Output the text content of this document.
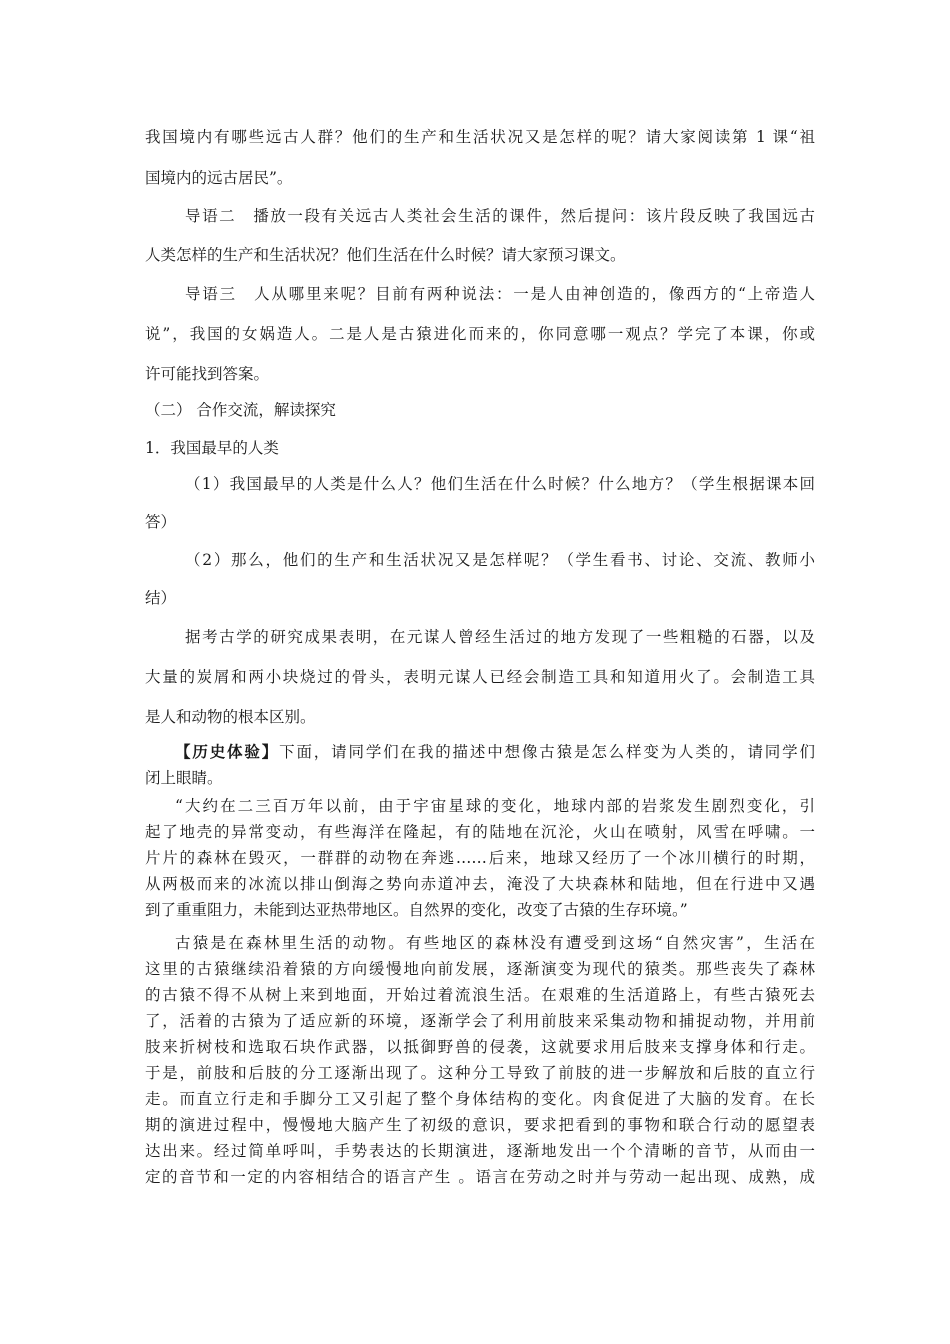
我国境内有哪些远古人群？他们的生产和生活状况又是怎样的呢？请大家阅读第 1 课“祖
国境内的远古居民”。
导语二　播放一段有关远古人类社会生活的课件，然后提问：该片段反映了我国远古
人类怎样的生产和生活状况？他们生活在什么时候？请大家预习课文。
导语三　人从哪里来呢？目前有两种说法：一是人由神创造的，像西方的“上帝造人
说”，我国的女娲造人。二是人是古猿进化而来的，你同意哪一观点？学完了本课，你或
许可能找到答案。
（二） 合作交流，解读探究
1．我国最早的人类
（1）我国最早的人类是什么人？他们生活在什么时候？什么地方？（学生根据课本回
答）
（2）那么，他们的生产和生活状况又是怎样呢？（学生看书、讨论、交流、教师小
结）
据考古学的研究成果表明，在元谋人曾经生活过的地方发现了一些粗糙的石器，以及
大量的炭屑和两小块烧过的骨头，表明元谋人已经会制造工具和知道用火了。会制造工具
是人和动物的根本区别。
【历史体验】下面，请同学们在我的描述中想像古猿是怎么样变为人类的，请同学们
闭上眼睛。
“大约在二三百万年以前，由于宇宙星球的变化，地球内部的岩浆发生剧烈变化，引
起了地壳的异常变动，有些海洋在隆起，有的陆地在沉沦，火山在喷射，风雪在呼啸。一
片片的森林在毁灭，一群群的动物在奔逃……后来，地球又经历了一个冰川横行的时期，
从两极而来的冰流以排山倒海之势向赤道冲去，淹没了大块森林和陆地，但在行进中又遇
到了重重阻力，未能到达亚热带地区。自然界的变化，改变了古猿的生存环境。”
古猿是在森林里生活的动物。有些地区的森林没有遭受到这场“自然灾害”，生活在
这里的古猿继续沿着猿的方向缓慢地向前发展，逐渐演变为现代的猿类。那些丧失了森林
的古猿不得不从树上来到地面，开始过着流浪生活。在艰难的生活道路上，有些古猿死去
了，活着的古猿为了适应新的环境，逐渐学会了利用前肢来采集动物和捕捉动物，并用前
肢来折树枝和选取石块作武器，以抵御野兽的侵袭，这就要求用后肢来支撑身体和行走。
于是，前肢和后肢的分工逐渐出现了。这种分工导致了前肢的进一步解放和后肢的直立行
走。而直立行走和手脚分工又引起了整个身体结构的变化。肉食促进了大脑的发育。在长
期的演进过程中，慢慢地大脑产生了初级的意识，要求把看到的事物和联合行动的愿望表
达出来。经过简单呼叫，手势表达的长期演进，逐渐地发出一个个清晰的音节，从而由一
定的音节和一定的内容相结合的语言产生 。语言在劳动之时并与劳动一起出现、成熟，成
